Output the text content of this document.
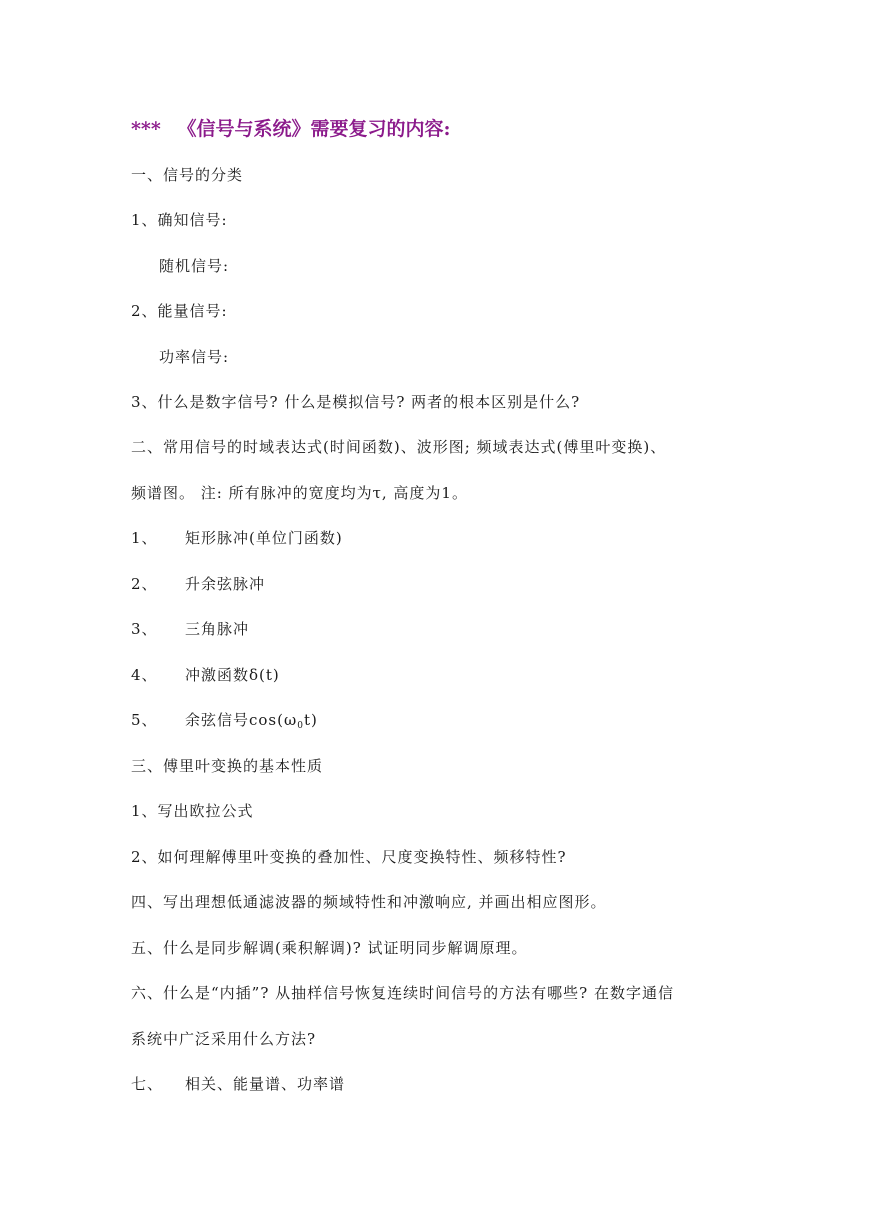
*** 《信号与系统》需要复习的内容:
一、信号的分类
1、确知信号:
随机信号:
2、能量信号:
功率信号:
3、什么是数字信号? 什么是模拟信号? 两者的根本区别是什么?
二、常用信号的时域表达式(时间函数)、波形图; 频域表达式(傅里叶变换)、
频谱图。 注: 所有脉冲的宽度均为τ, 高度为1。
1、 矩形脉冲(单位门函数)
2、 升余弦脉冲
3、 三角脉冲
4、 冲激函数δ(t)
5、 余弦信号$\cos(\omega_0t)$
三、傅里叶变换的基本性质
1、写出欧拉公式
2、如何理解傅里叶变换的叠加性、尺度变换特性、频移特性?
四、写出理想低通滤波器的频域特性和冲激响应, 并画出相应图形。
五、什么是同步解调(乘积解调)? 试证明同步解调原理。
六、什么是“内插”? 从抽样信号恢复连续时间信号的方法有哪些? 在数字通信
系统中广泛采用什么方法?
七、 相关、能量谱、功率谱
